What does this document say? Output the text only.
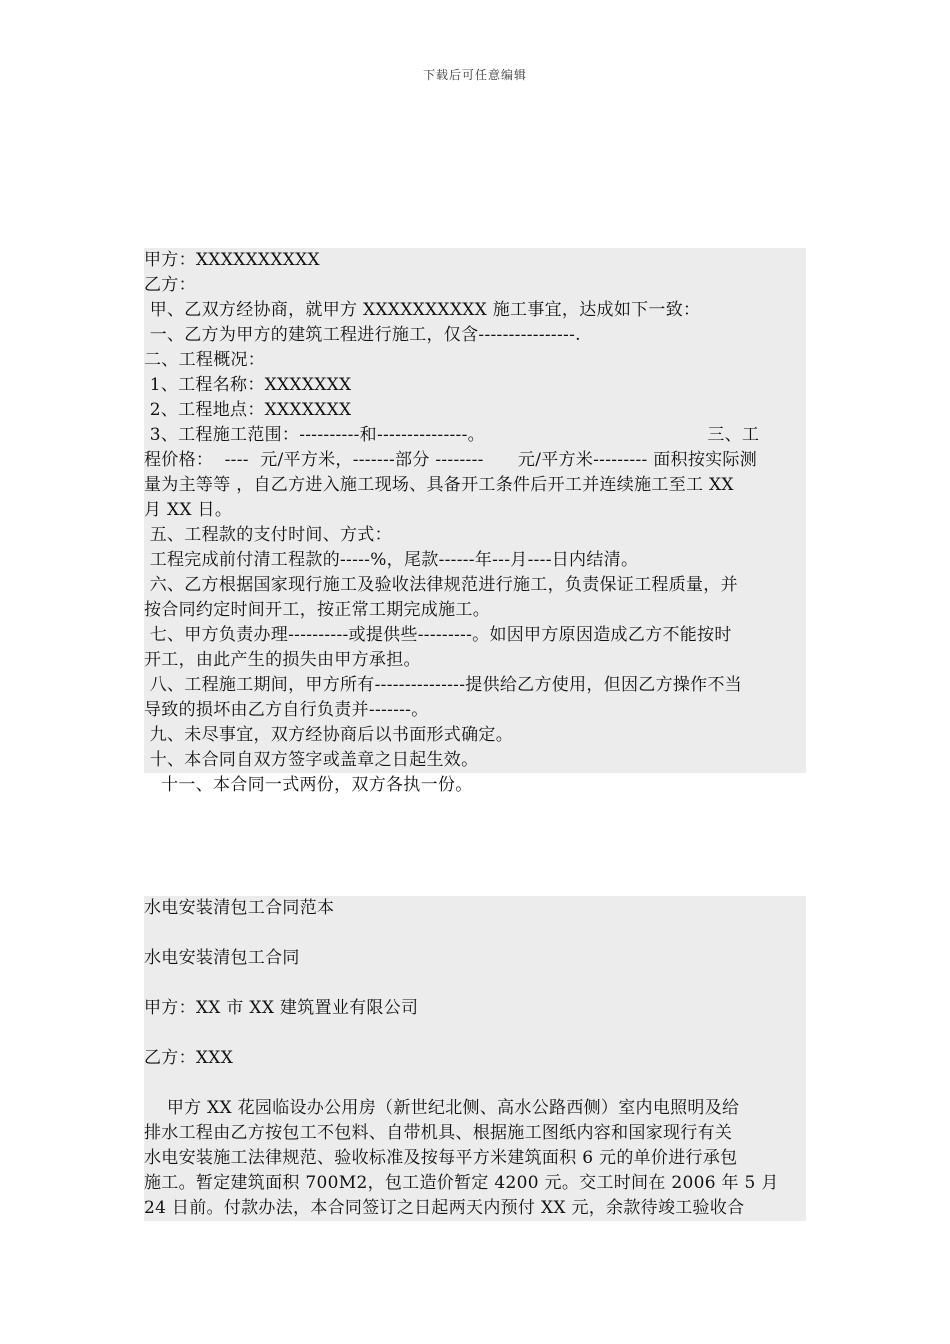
下载后可任意编辑
甲方：XXXXXXXXXX
乙方：
甲、乙双方经协商，就甲方 XXXXXXXXXX 施工事宜，达成如下一致：
一、乙方为甲方的建筑工程进行施工，仅含----------------.
二、工程概况：
1、工程名称：XXXXXXX
2、工程地点：XXXXXXX
3、工程施工范围：----------和---------------。                                       三、工
程价格：  ----  元/平方米，-------部分 --------      元/平方米--------- 面积按实际测
量为主等等 ，自乙方进入施工现场、具备开工条件后开工并连续施工至工 XX
月 XX 日。
五、工程款的支付时间、方式：
工程完成前付清工程款的-----%，尾款------年---月----日内结清。
六、乙方根据国家现行施工及验收法律规范进行施工，负责保证工程质量，并
按合同约定时间开工，按正常工期完成施工。
七、甲方负责办理----------或提供些---------。如因甲方原因造成乙方不能按时
开工，由此产生的损失由甲方承担。
八、工程施工期间，甲方所有---------------提供给乙方使用，但因乙方操作不当
导致的损坏由乙方自行负责并-------。
九、未尽事宜，双方经协商后以书面形式确定。
十、本合同自双方签字或盖章之日起生效。
十一、本合同一式两份，双方各执一份。
水电安装清包工合同范本
水电安装清包工合同
甲方：XX 市 XX 建筑置业有限公司
乙方：XXX
甲方 XX 花园临设办公用房（新世纪北侧、高水公路西侧）室内电照明及给
排水工程由乙方按包工不包料、自带机具、根据施工图纸内容和国家现行有关
水电安装施工法律规范、验收标准及按每平方米建筑面积 6 元的单价进行承包
施工。暂定建筑面积 700M2，包工造价暂定 4200 元。交工时间在 2006 年 5 月
24 日前。付款办法，本合同签订之日起两天内预付 XX 元，余款待竣工验收合
